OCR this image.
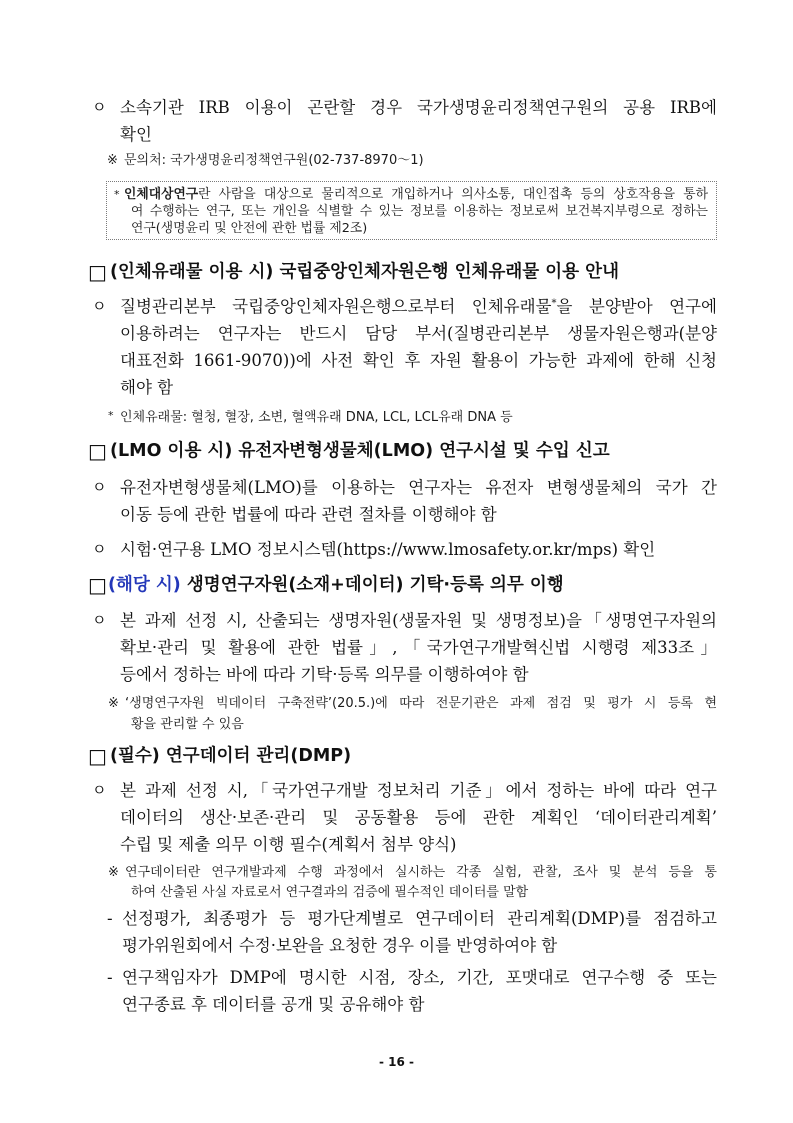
ㅇ 소속기관 IRB 이용이 곤란할 경우 국가생명윤리정책연구원의 공용 IRB에
확인
※ 문의처: 국가생명윤리정책연구원(02-737-8970～1)
* 인체대상연구란 사람을 대상으로 물리적으로 개입하거나 의사소통, 대인접촉 등의 상호작용을 통하
여 수행하는 연구, 또는 개인을 식별할 수 있는 정보를 이용하는 정보로써 보건복지부령으로 정하는
연구(생명윤리 및 안전에 관한 법률 제2조)
□ (인체유래물 이용 시) 국립중앙인체자원은행 인체유래물 이용 안내
ㅇ 질병관리본부 국립중앙인체자원은행으로부터 인체유래물*을 분양받아 연구에
이용하려는 연구자는 반드시 담당 부서(질병관리본부 생물자원은행과(분양
대표전화 1661-9070))에 사전 확인 후 자원 활용이 가능한 과제에 한해 신청
해야 함
* 인체유래물: 혈청, 혈장, 소변, 혈액유래 DNA, LCL, LCL유래 DNA 등
□ (LMO 이용 시) 유전자변형생물체(LMO) 연구시설 및 수입 신고
ㅇ 유전자변형생물체(LMO)를 이용하는 연구자는 유전자 변형생물체의 국가 간
이동 등에 관한 법률에 따라 관련 절차를 이행해야 함
ㅇ 시험·연구용 LMO 정보시스템(https://www.lmosafety.or.kr/mps) 확인
□ (해당 시) 생명연구자원(소재+데이터) 기탁·등록 의무 이행
ㅇ 본 과제 선정 시, 산출되는 생명자원(생물자원 및 생명정보)을「생명연구자원의
확보·관리 및 활용에 관한 법률」,「국가연구개발혁신법 시행령 제33조」
등에서 정하는 바에 따라 기탁·등록 의무를 이행하여야 함
※ ‘생명연구자원 빅데이터 구축전략’(20.5.)에 따라 전문기관은 과제 점검 및 평가 시 등록 현
황을 관리할 수 있음
□ (필수) 연구데이터 관리(DMP)
ㅇ 본 과제 선정 시,「국가연구개발 정보처리 기준」에서 정하는 바에 따라 연구
데이터의 생산·보존·관리 및 공동활용 등에 관한 계획인 ‘데이터관리계획’
수립 및 제출 의무 이행 필수(계획서 첨부 양식)
※ 연구데이터란 연구개발과제 수행 과정에서 실시하는 각종 실험, 관찰, 조사 및 분석 등을 통
하여 산출된 사실 자료로서 연구결과의 검증에 필수적인 데이터를 말함
- 선정평가, 최종평가 등 평가단계별로 연구데이터 관리계획(DMP)를 점검하고
평가위원회에서 수정·보완을 요청한 경우 이를 반영하여야 함
- 연구책임자가 DMP에 명시한 시점, 장소, 기간, 포맷대로 연구수행 중 또는
연구종료 후 데이터를 공개 및 공유해야 함
- 16 -
